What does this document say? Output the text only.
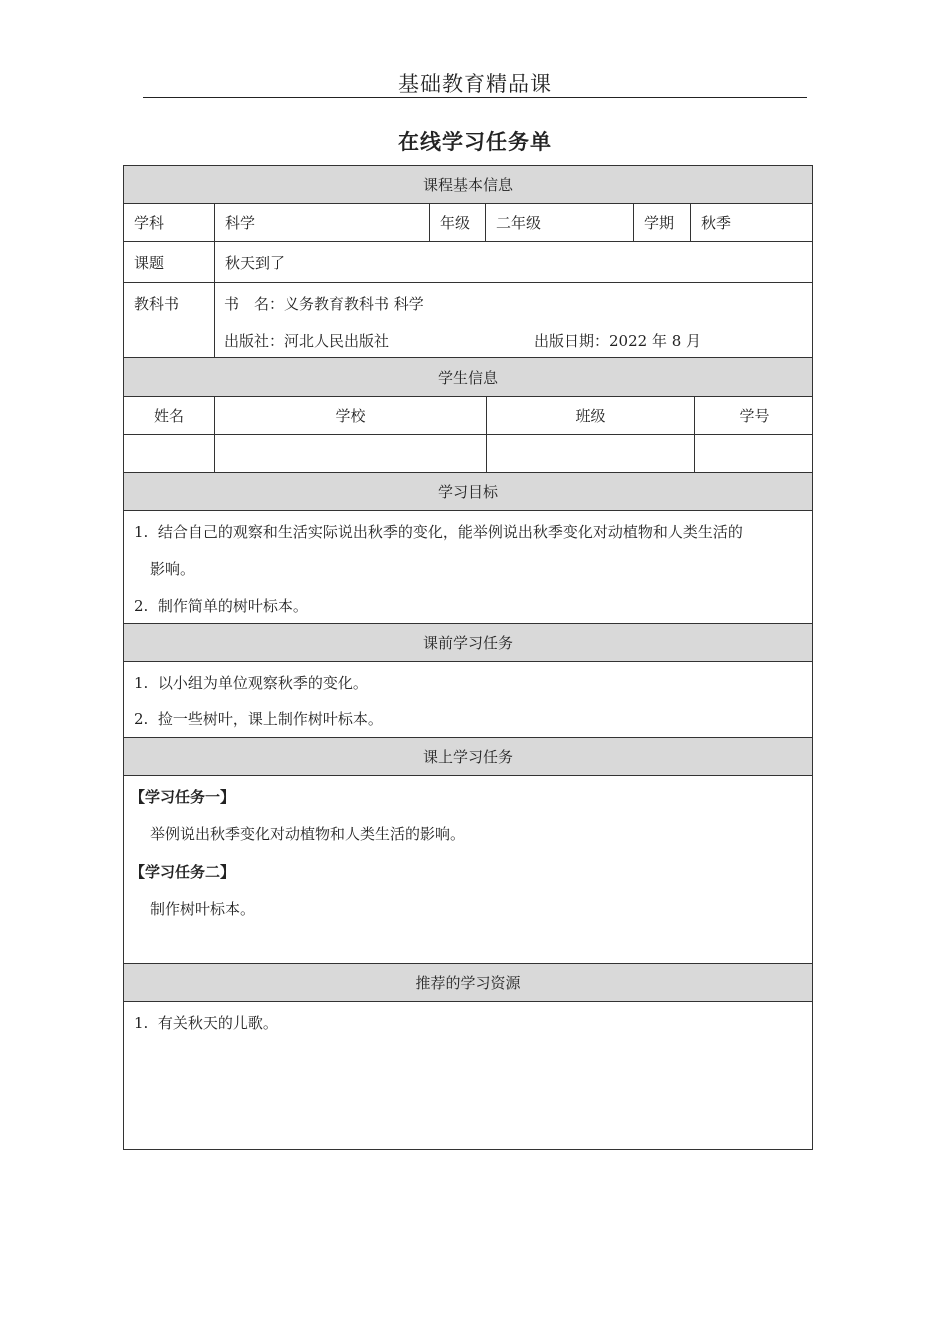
基础教育精品课
在线学习任务单
课程基本信息
学科	科学	年级	二年级	学期	秋季
课题	秋天到了
教科书	书　名：义务教育教科书 科学
出版社：河北人民出版社	出版日期：2022 年 8 月
学生信息
姓名	学校	班级	学号
学习目标
1. 结合自己的观察和生活实际说出秋季的变化，能举例说出秋季变化对动植物和人类生活的
影响。
2. 制作简单的树叶标本。
课前学习任务
1. 以小组为单位观察秋季的变化。
2. 捡一些树叶，课上制作树叶标本。
课上学习任务
【学习任务一】
举例说出秋季变化对动植物和人类生活的影响。
【学习任务二】
制作树叶标本。
推荐的学习资源
1. 有关秋天的儿歌。
